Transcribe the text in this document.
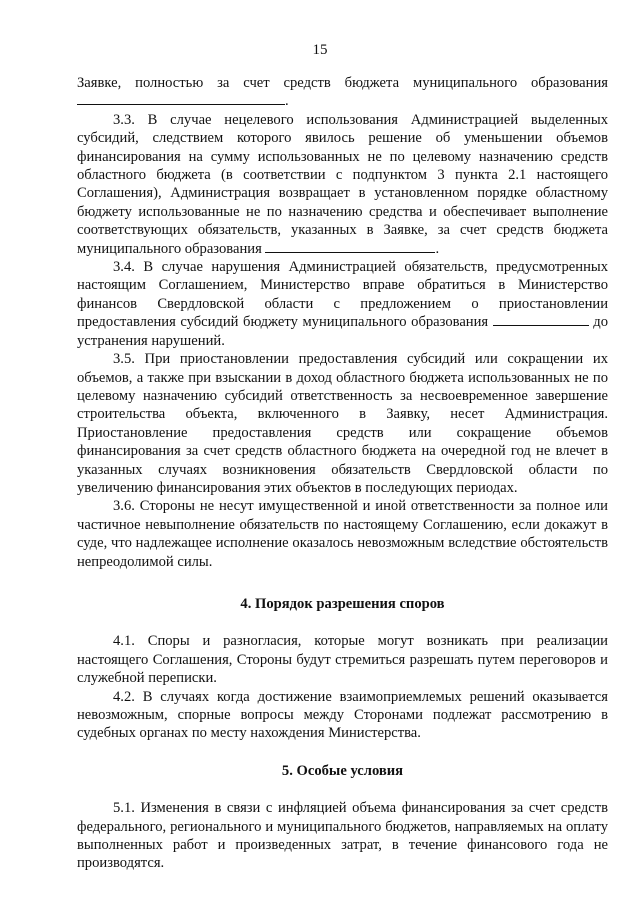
15

Заявке, полностью за счет средств бюджета муниципального образования .

3.3. В случае нецелевого использования Администрацией выделенных субсидий, следствием которого явилось решение об уменьшении объемов финансирования на сумму использованных не по целевому назначению средств областного бюджета (в соответствии с подпунктом 3 пункта 2.1 настоящего Соглашения), Администрация возвращает в установленном порядке областному бюджету использованные не по назначению средства и обеспечивает выполнение соответствующих обязательств, указанных в Заявке, за счет средств бюджета муниципального образования	.

3.4. В случае нарушения Администрацией обязательств, предусмотренных настоящим Соглашением, Министерство вправе обратиться в Министерство финансов Свердловской области с предложением о приостановлении предоставления субсидий бюджету муниципального образования	до устранения нарушений.

3.5. При приостановлении предоставления субсидий или сокращении их объемов, а также при взыскании в доход областного бюджета использованных не по целевому назначению субсидий ответственность за несвоевременное завершение строительства объекта, включенного в Заявку, несет Администрация. Приостановление предоставления средств или сокращение объемов финансирования за счет средств областного бюджета на очередной год не влечет в указанных случаях возникновения обязательств Свердловской области по увеличению финансирования этих объектов в последующих периодах.

3.6. Стороны не несут имущественной и иной ответственности за полное или частичное невыполнение обязательств по настоящему Соглашению, если докажут в суде, что надлежащее исполнение оказалось невозможным вследствие обстоятельств непреодолимой силы.

4. Порядок разрешения споров

4.1. Споры и разногласия, которые могут возникать при реализации настоящего Соглашения, Стороны будут стремиться разрешать путем переговоров и служебной переписки.

4.2. В случаях когда достижение взаимоприемлемых решений оказывается невозможным, спорные вопросы между Сторонами подлежат рассмотрению в судебных органах по месту нахождения Министерства.

5. Особые условия

5.1. Изменения в связи с инфляцией объема финансирования за счет средств федерального, регионального и муниципального бюджетов, направляемых на оплату выполненных работ и произведенных затрат, в течение финансового года не производятся.
